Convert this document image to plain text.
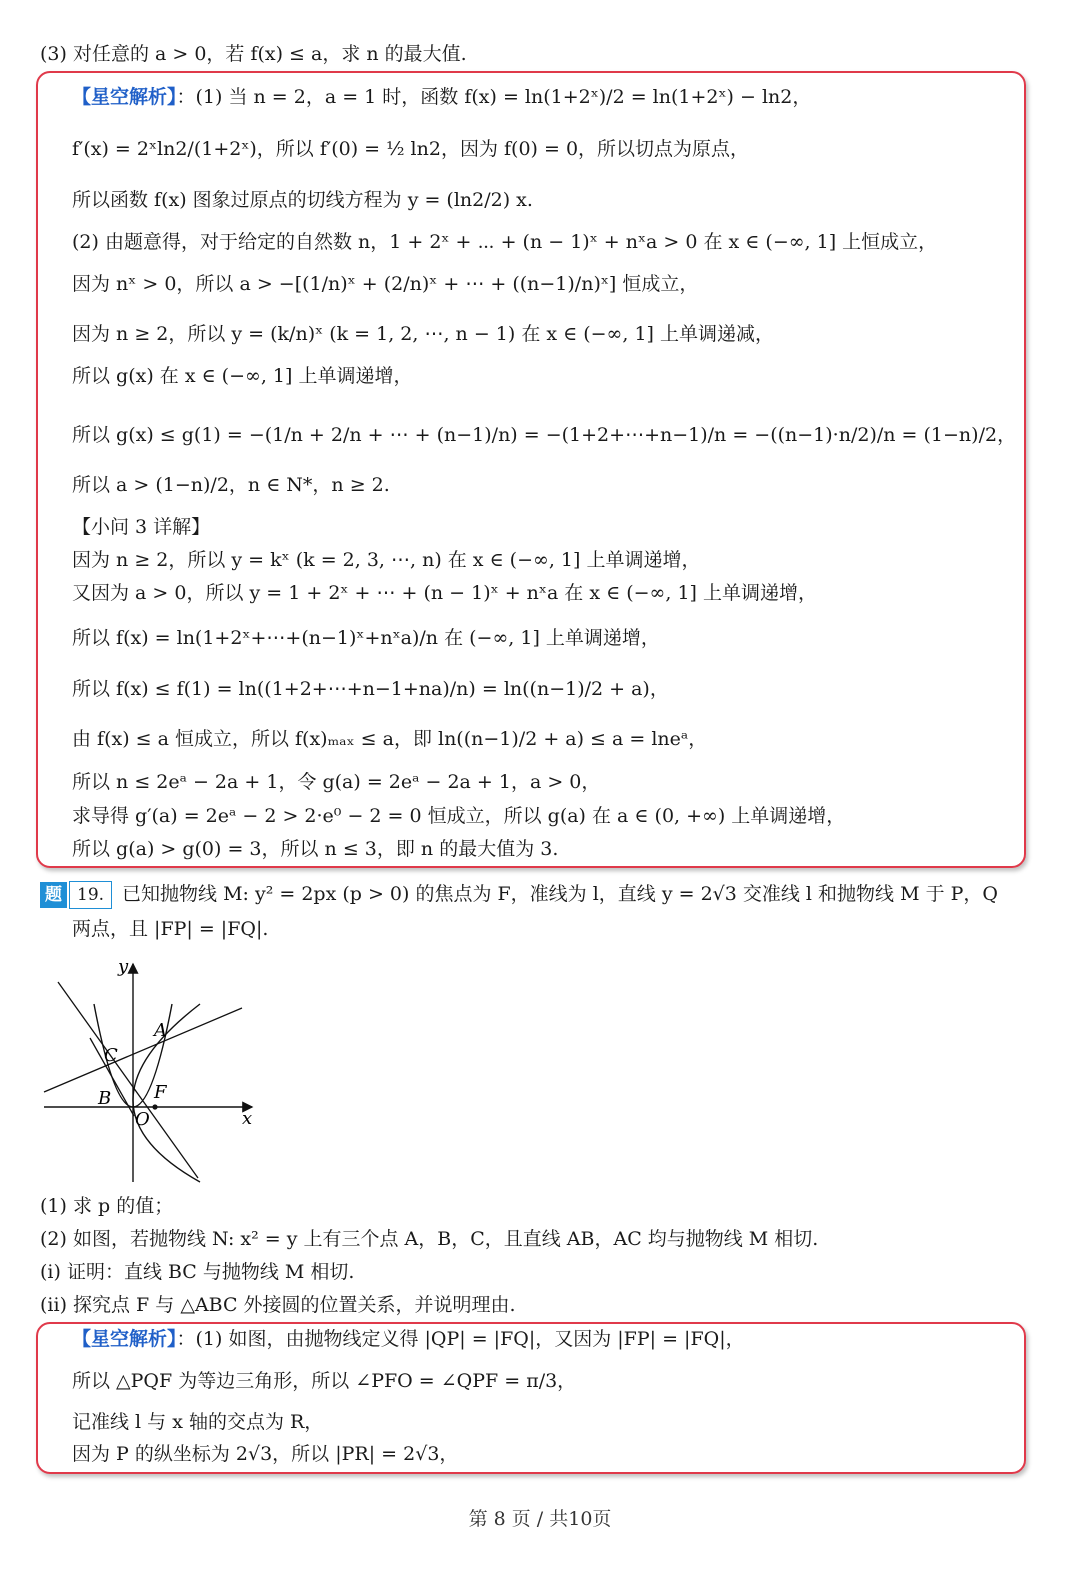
(3) 对任意的 a > 0，若 f(x) ≤ a，求 n 的最大值.
【星空解析】：(1) 当 n = 2，a = 1 时，函数 f(x) = ln(1+2ˣ)/2 = ln(1+2ˣ) − ln2，
f′(x) = 2ˣln2/(1+2ˣ)，所以 f′(0) = ½ ln2，因为 f(0) = 0，所以切点为原点，
所以函数 f(x) 图象过原点的切线方程为 y = (ln2/2) x.
(2) 由题意得，对于给定的自然数 n，1 + 2ˣ + ⋯ + (n − 1)ˣ + nˣa > 0 在 x ∈ (−∞, 1] 上恒成立，
因为 nˣ > 0，所以 a > −[(1/n)ˣ + (2/n)ˣ + ⋯ + ((n−1)/n)ˣ] 恒成立，
因为 n ≥ 2，所以 y = (k/n)ˣ (k = 1, 2, ⋯, n − 1) 在 x ∈ (−∞, 1] 上单调递减，
所以 g(x) 在 x ∈ (−∞, 1] 上单调递增，
所以 g(x) ≤ g(1) = −(1/n + 2/n + ⋯ + (n−1)/n) = −(1+2+⋯+n−1)/n = −((n−1)·n/2)/n = (1−n)/2，
所以 a > (1−n)/2，n ∈ N*，n ≥ 2.
【小问 3 详解】
因为 n ≥ 2，所以 y = kˣ (k = 2, 3, ⋯, n) 在 x ∈ (−∞, 1] 上单调递增，
又因为 a > 0，所以 y = 1 + 2ˣ + ⋯ + (n − 1)ˣ + nˣa 在 x ∈ (−∞, 1] 上单调递增，
所以 f(x) = ln(1+2ˣ+⋯+(n−1)ˣ+nˣa)/n 在 (−∞, 1] 上单调递增，
所以 f(x) ≤ f(1) = ln((1+2+⋯+n−1+na)/n) = ln((n−1)/2 + a)，
由 f(x) ≤ a 恒成立，所以 f(x)ₘₐₓ ≤ a，即 ln((n−1)/2 + a) ≤ a = lneᵃ，
所以 n ≤ 2eᵃ − 2a + 1，令 g(a) = 2eᵃ − 2a + 1，a > 0，
求导得 g′(a) = 2eᵃ − 2 > 2·e⁰ − 2 = 0 恒成立，所以 g(a) 在 a ∈ (0, +∞) 上单调递增，
所以 g(a) > g(0) = 3，所以 n ≤ 3，即 n 的最大值为 3.
题 19. 已知抛物线 M: y² = 2px (p > 0) 的焦点为 F，准线为 l，直线 y = 2√3 交准线 l 和抛物线 M 于 P，Q
两点，且 |FP| = |FQ|.
y
x
A
C
B F
O
(1) 求 p 的值；
(2) 如图，若抛物线 N: x² = y 上有三个点 A，B，C，且直线 AB，AC 均与抛物线 M 相切.
(i) 证明：直线 BC 与抛物线 M 相切.
(ii) 探究点 F 与 △ABC 外接圆的位置关系，并说明理由.
【星空解析】：(1) 如图，由抛物线定义得 |QP| = |FQ|，又因为 |FP| = |FQ|，
所以 △PQF 为等边三角形，所以 ∠PFO = ∠QPF = π/3，
记准线 l 与 x 轴的交点为 R，
因为 P 的纵坐标为 2√3，所以 |PR| = 2√3，
第 8 页 / 共10页
